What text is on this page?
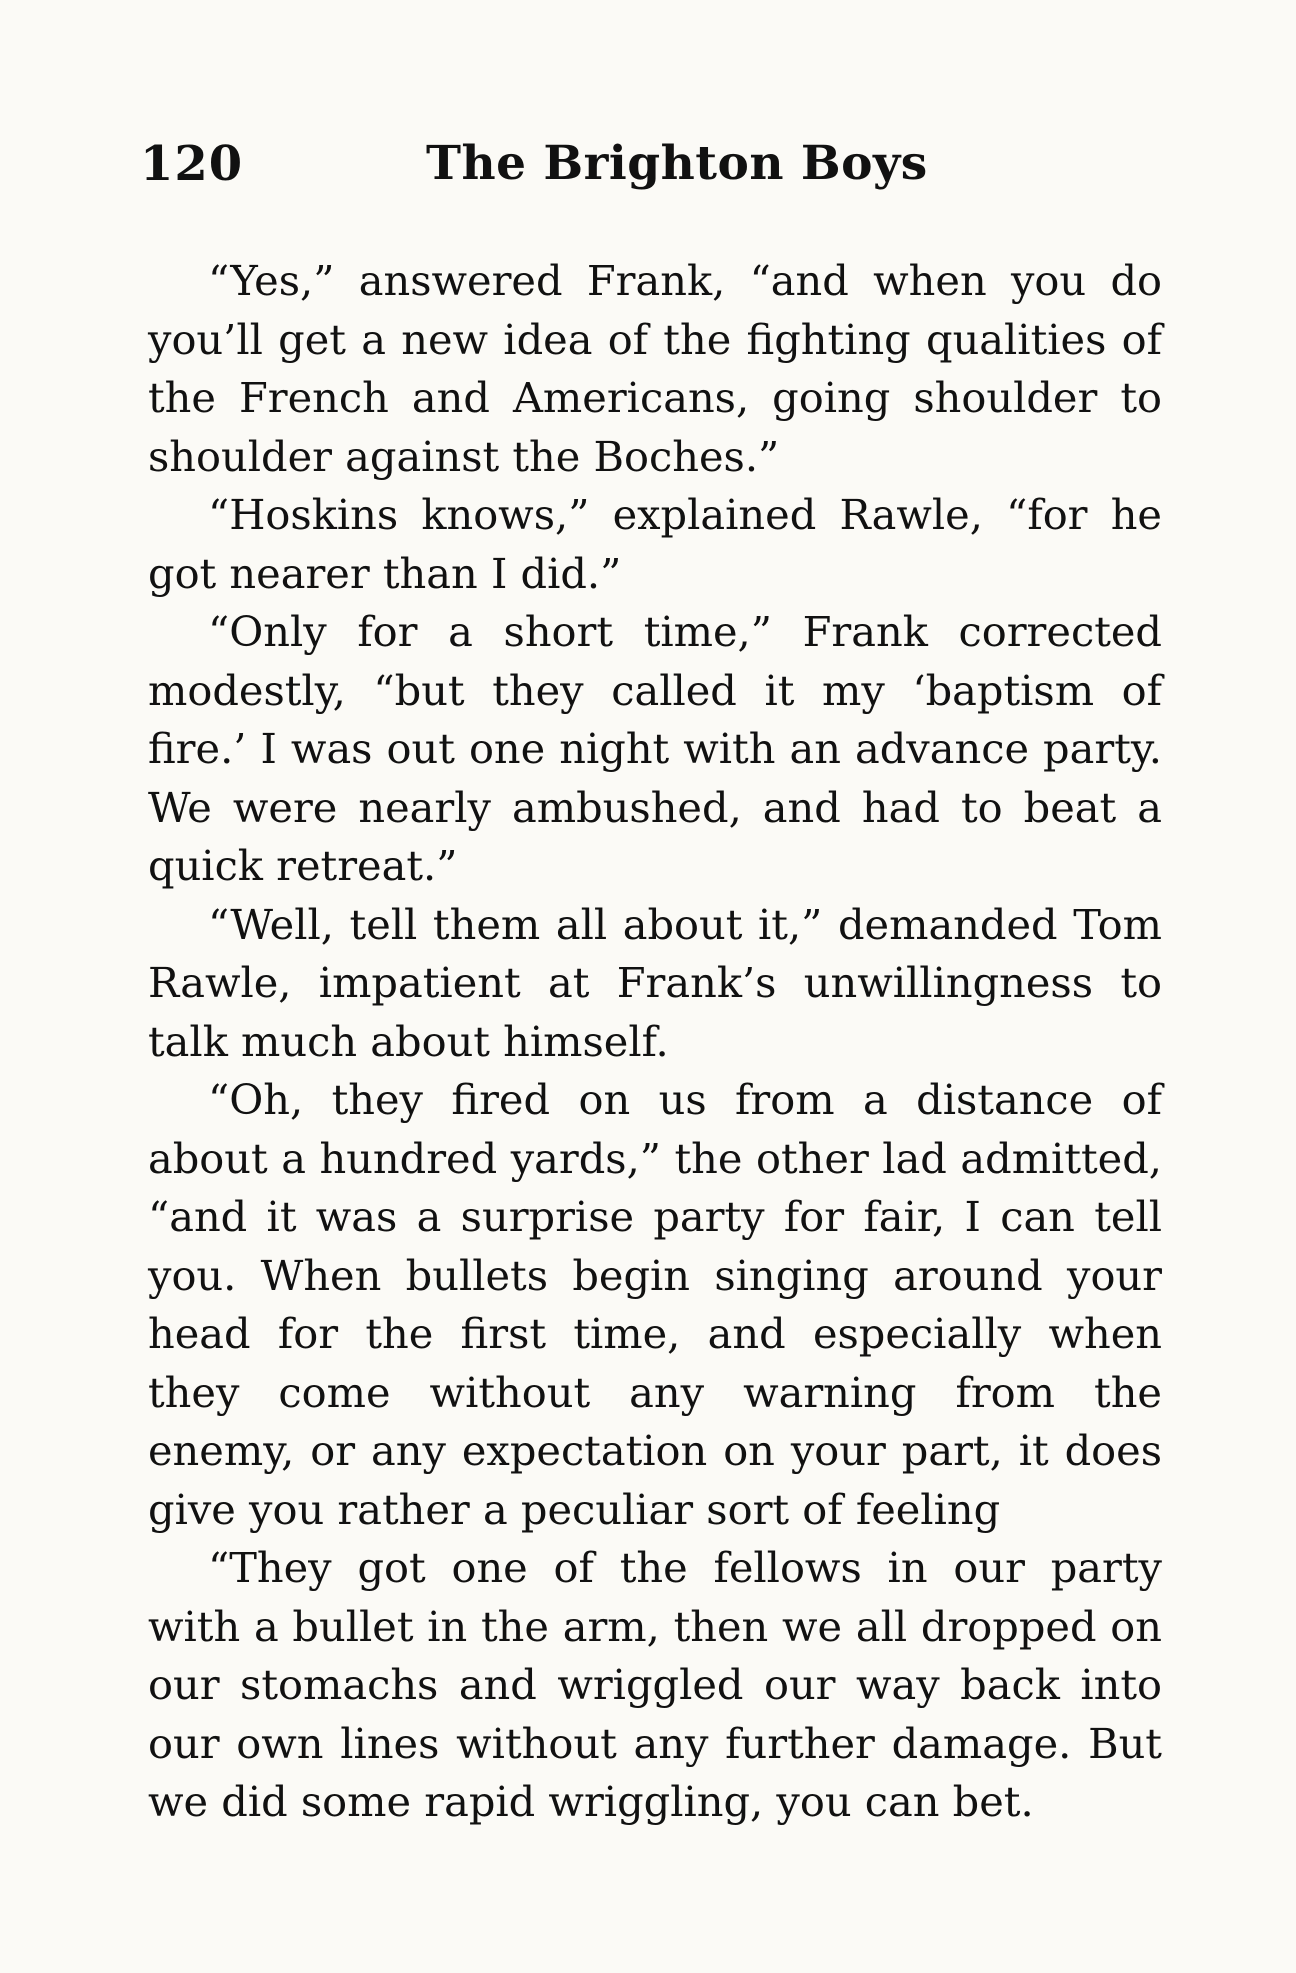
120	The Brighton Boys

“Yes,” answered Frank, “and when you do you’ll get a new idea of the fighting qualities of the French and Americans, going shoulder to shoulder against the Boches.”

“Hoskins knows,” explained Rawle, “for he got nearer than I did.”

“Only for a short time,” Frank corrected modestly, “but they called it my ‘baptism of fire.’ I was out one night with an advance party. We were nearly ambushed, and had to beat a quick retreat.”

“Well, tell them all about it,” demanded Tom Rawle, impatient at Frank’s unwillingness to talk much about himself.

“Oh, they fired on us from a distance of about a hundred yards,” the other lad admitted, “and it was a surprise party for fair, I can tell you. When bullets begin singing around your head for the first time, and especially when they come without any warning from the enemy, or any expectation on your part, it does give you rather a peculiar sort of feeling

“They got one of the fellows in our party with a bullet in the arm, then we all dropped on our stomachs and wriggled our way back into our own lines without any further damage. But we did some rapid wriggling, you can bet.
